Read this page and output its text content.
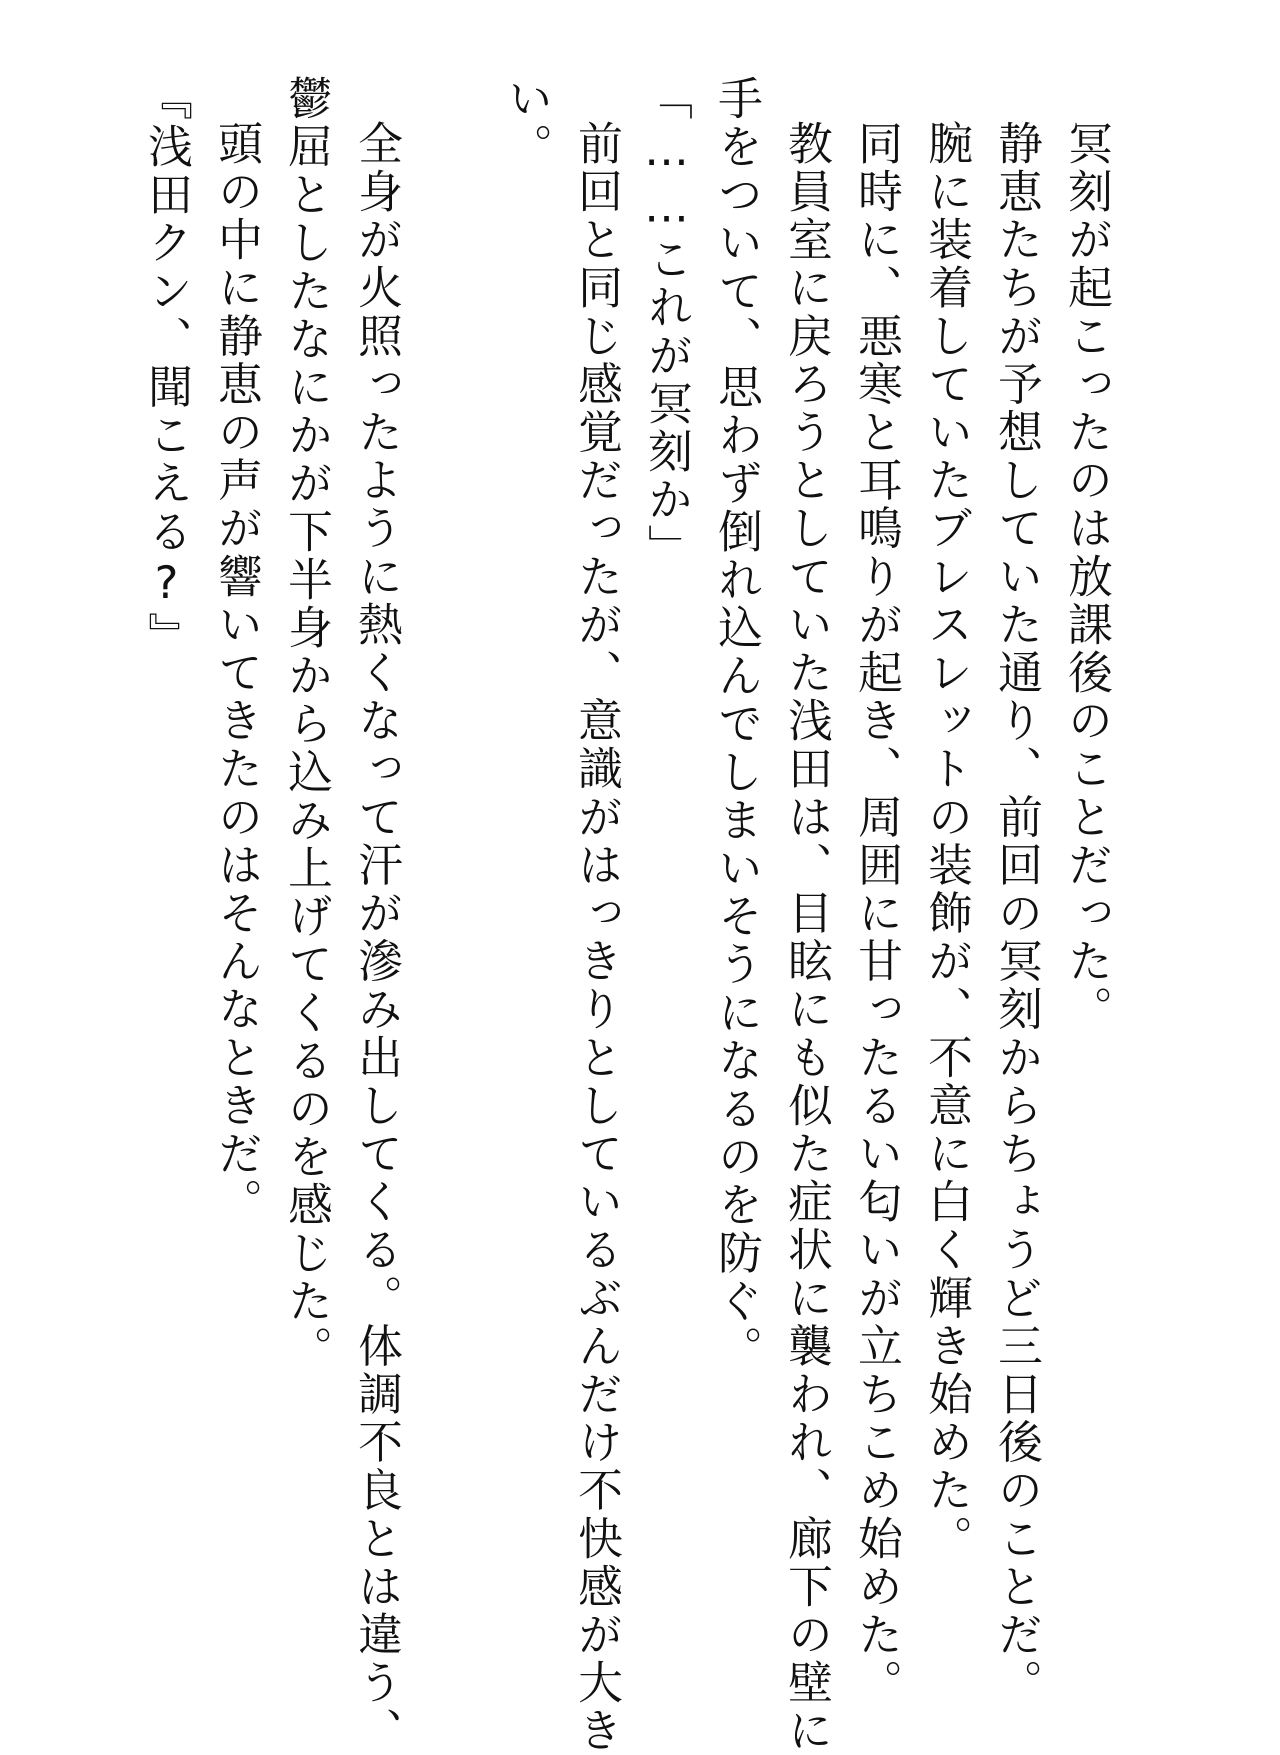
冥刻が起こったのは放課後のことだった。

静恵たちが予想していた通り、前回の冥刻からちょうど三日後のことだ。

腕に装着していたブレスレットの装飾が、不意に白く輝き始めた。

同時に、悪寒と耳鳴りが起き、周囲に甘ったるい匂いが立ちこめ始めた。

教員室に戻ろうとしていた浅田は、目眩にも似た症状に襲われ、廊下の壁に

手をついて、思わず倒れ込んでしまいそうになるのを防ぐ。

「……これが冥刻か」

前回と同じ感覚だったが、意識がはっきりとしているぶんだけ不快感が大き

い。

全身が火照ったように熱くなって汗が滲み出してくる。体調不良とは違う、

鬱屈としたなにかが下半身から込み上げてくるのを感じた。

頭の中に静恵の声が響いてきたのはそんなときだ。

『浅田クン、聞こえる?』
